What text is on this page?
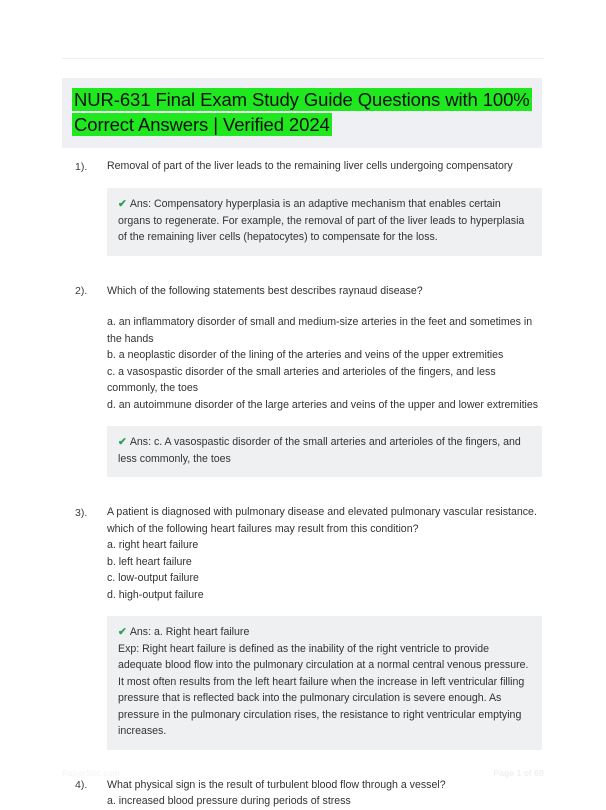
NUR-631 Final Exam Study Guide Questions with 100% Correct Answers | Verified 2024
1).	Removal of part of the liver leads to the remaining liver cells undergoing compensatory

✔ Ans: Compensatory hyperplasia is an adaptive mechanism that enables certain organs to regenerate. For example, the removal of part of the liver leads to hyperplasia of the remaining liver cells (hepatocytes) to compensate for the loss.

2).	Which of the following statements best describes raynaud disease?

a. an inflammatory disorder of small and medium-size arteries in the feet and sometimes in the hands
b. a neoplastic disorder of the lining of the arteries and veins of the upper extremities
c. a vasospastic disorder of the small arteries and arterioles of the fingers, and less commonly, the toes
d. an autoimmune disorder of the large arteries and veins of the upper and lower extremities

✔ Ans: c. A vasospastic disorder of the small arteries and arterioles of the fingers, and less commonly, the toes

3).	A patient is diagnosed with pulmonary disease and elevated pulmonary vascular resistance. which of the following heart failures may result from this condition?

a. right heart failure
b. left heart failure
c. low-output failure
d. high-output failure

✔ Ans: a. Right heart failure

Exp: Right heart failure is defined as the inability of the right ventricle to provide adequate blood flow into the pulmonary circulation at a normal central venous pressure. It most often results from the left heart failure when the increase in left ventricular filling pressure that is reflected back into the pulmonary circulation is severe enough. As pressure in the pulmonary circulation rises, the resistance to right ventricular emptying increases.

4).	What physical sign is the result of turbulent blood flow through a vessel?

a. increased blood pressure during periods of stress
PaperStic.com	Page 1 of 68
